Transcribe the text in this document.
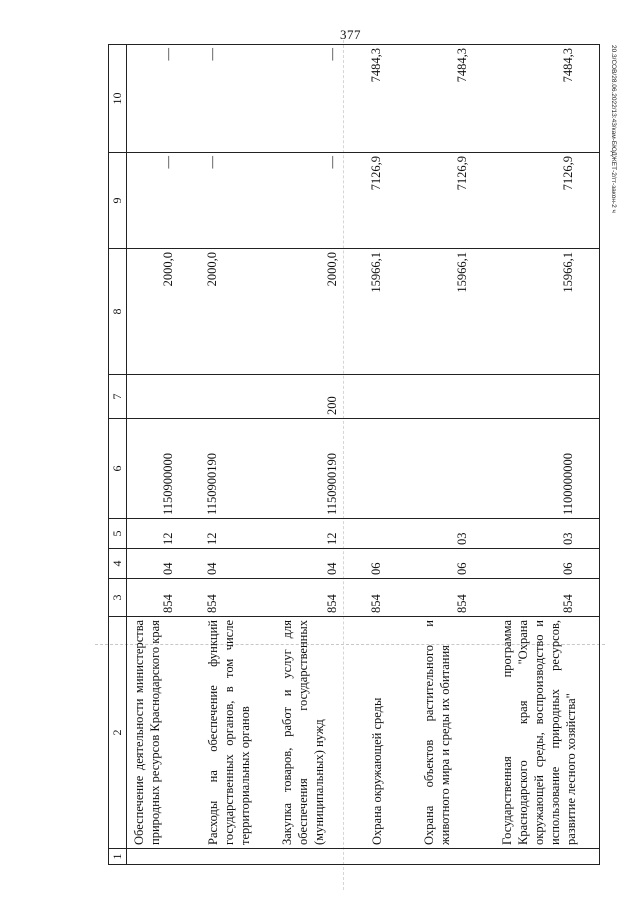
377
20.3/СОВ/28.06.2022/13:43/кам-БЮДЖЕТ-2/гт-закон-2 ч
1	2	3	4	5	6	7	8	9	10
	Обеспечение деятельности министерства природных ресурсов Краснодарского края	854	04	12	1150900000		2000,0	—	—
	Расходы на обеспечение функций государственных органов, в том числе территориальных органов	854	04	12	1150900190		2000,0	—	—
	Закупка товаров, работ и услуг для обеспечения государственных (муниципальных) нужд	854	04	12	1150900190	200	2000,0	—	—
	Охрана окружающей среды	854	06				15966,1	7126,9	7484,3
	Охрана объектов растительного и животного мира и среды их обитания	854	06	03			15966,1	7126,9	7484,3
	Государственная программа Краснодарского края "Охрана окружающей среды, воспроизводство и использование природных ресурсов, развитие лесного хозяйства"	854	06	03	1100000000		15966,1	7126,9	7484,3
